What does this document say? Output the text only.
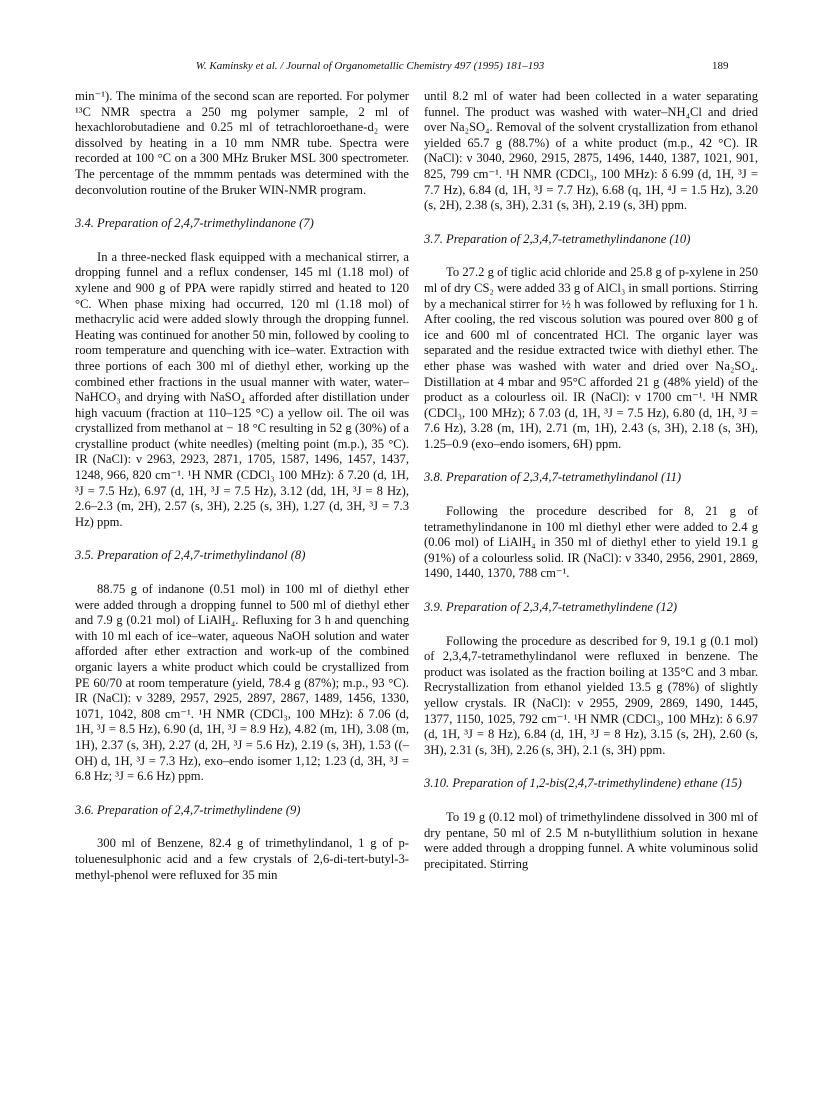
W. Kaminsky et al. / Journal of Organometallic Chemistry 497 (1995) 181–193	189

min⁻¹). The minima of the second scan are reported. For polymer ¹³C NMR spectra a 250 mg polymer sample, 2 ml of hexachlorobutadiene and 0.25 ml of tetrachloroethane-d₂ were dissolved by heating in a 10 mm NMR tube. Spectra were recorded at 100 °C on a 300 MHz Bruker MSL 300 spectrometer. The percentage of the mmmm pentads was determined with the deconvolution routine of the Bruker WIN-NMR program.

3.4. Preparation of 2,4,7-trimethylindanone (7)

In a three-necked flask equipped with a mechanical stirrer, a dropping funnel and a reflux condenser, 145 ml (1.18 mol) of xylene and 900 g of PPA were rapidly stirred and heated to 120 °C. When phase mixing had occurred, 120 ml (1.18 mol) of methacrylic acid were added slowly through the dropping funnel. Heating was continued for another 50 min, followed by cooling to room temperature and quenching with ice–water. Extraction with three portions of each 300 ml of diethyl ether, working up the combined ether fractions in the usual manner with water, water–NaHCO₃ and drying with NaSO₄ afforded after distillation under high vacuum (fraction at 110–125 °C) a yellow oil. The oil was crystallized from methanol at − 18 °C resulting in 52 g (30%) of a crystalline product (white needles) (melting point (m.p.), 35 °C). IR (NaCl): ν 2963, 2923, 2871, 1705, 1587, 1496, 1457, 1437, 1248, 966, 820 cm⁻¹. ¹H NMR (CDCl₃ 100 MHz): δ 7.20 (d, 1H, ³J = 7.5 Hz), 6.97 (d, 1H, ³J = 7.5 Hz), 3.12 (dd, 1H, ³J = 8 Hz), 2.6–2.3 (m, 2H), 2.57 (s, 3H), 2.25 (s, 3H), 1.27 (d, 3H, ³J = 7.3 Hz) ppm.

3.5. Preparation of 2,4,7-trimethylindanol (8)

88.75 g of indanone (0.51 mol) in 100 ml of diethyl ether were added through a dropping funnel to 500 ml of diethyl ether and 7.9 g (0.21 mol) of LiAlH₄. Refluxing for 3 h and quenching with 10 ml each of ice–water, aqueous NaOH solution and water afforded after ether extraction and work-up of the combined organic layers a white product which could be crystallized from PE 60/70 at room temperature (yield, 78.4 g (87%); m.p., 93 °C). IR (NaCl): ν 3289, 2957, 2925, 2897, 2867, 1489, 1456, 1330, 1071, 1042, 808 cm⁻¹. ¹H NMR (CDCl₃, 100 MHz): δ 7.06 (d, 1H, ³J = 8.5 Hz), 6.90 (d, 1H, ³J = 8.9 Hz), 4.82 (m, 1H), 3.08 (m, 1H), 2.37 (s, 3H), 2.27 (d, 2H, ³J = 5.6 Hz), 2.19 (s, 3H), 1.53 ((–OH) d, 1H, ³J = 7.3 Hz), exo–endo isomer 1,12; 1.23 (d, 3H, ³J = 6.8 Hz; ³J = 6.6 Hz) ppm.

3.6. Preparation of 2,4,7-trimethylindene (9)

300 ml of Benzene, 82.4 g of trimethylindanol, 1 g of p-toluenesulphonic acid and a few crystals of 2,6-di-tert-butyl-3-methyl-phenol were refluxed for 35 min

until 8.2 ml of water had been collected in a water separating funnel. The product was washed with water–NH₄Cl and dried over Na₂SO₄. Removal of the solvent crystallization from ethanol yielded 65.7 g (88.7%) of a white product (m.p., 42 °C). IR (NaCl): ν 3040, 2960, 2915, 2875, 1496, 1440, 1387, 1021, 901, 825, 799 cm⁻¹. ¹H NMR (CDCl₃, 100 MHz): δ 6.99 (d, 1H, ³J = 7.7 Hz), 6.84 (d, 1H, ³J = 7.7 Hz), 6.68 (q, 1H, ⁴J = 1.5 Hz), 3.20 (s, 2H), 2.38 (s, 3H), 2.31 (s, 3H), 2.19 (s, 3H) ppm.

3.7. Preparation of 2,3,4,7-tetramethylindanone (10)

To 27.2 g of tiglic acid chloride and 25.8 g of p-xylene in 250 ml of dry CS₂ were added 33 g of AlCl₃ in small portions. Stirring by a mechanical stirrer for ½ h was followed by refluxing for 1 h. After cooling, the red viscous solution was poured over 800 g of ice and 600 ml of concentrated HCl. The organic layer was separated and the residue extracted twice with diethyl ether. The ether phase was washed with water and dried over Na₂SO₄. Distillation at 4 mbar and 95°C afforded 21 g (48% yield) of the product as a colourless oil. IR (NaCl): ν 1700 cm⁻¹. ¹H NMR (CDCl₃, 100 MHz); δ 7.03 (d, 1H, ³J = 7.5 Hz), 6.80 (d, 1H, ³J = 7.6 Hz), 3.28 (m, 1H), 2.71 (m, 1H), 2.43 (s, 3H), 2.18 (s, 3H), 1.25–0.9 (exo–endo isomers, 6H) ppm.

3.8. Preparation of 2,3,4,7-tetramethylindanol (11)

Following the procedure described for 8, 21 g of tetramethylindanone in 100 ml diethyl ether were added to 2.4 g (0.06 mol) of LiAlH₄ in 350 ml of diethyl ether to yield 19.1 g (91%) of a colourless solid. IR (NaCl): ν 3340, 2956, 2901, 2869, 1490, 1440, 1370, 788 cm⁻¹.

3.9. Preparation of 2,3,4,7-tetramethylindene (12)

Following the procedure as described for 9, 19.1 g (0.1 mol) of 2,3,4,7-tetramethylindanol were refluxed in benzene. The product was isolated as the fraction boiling at 135°C and 3 mbar. Recrystallization from ethanol yielded 13.5 g (78%) of slightly yellow crystals. IR (NaCl): ν 2955, 2909, 2869, 1490, 1445, 1377, 1150, 1025, 792 cm⁻¹. ¹H NMR (CDCl₃, 100 MHz): δ 6.97 (d, 1H, ³J = 8 Hz), 6.84 (d, 1H, ³J = 8 Hz), 3.15 (s, 2H), 2.60 (s, 3H), 2.31 (s, 3H), 2.26 (s, 3H), 2.1 (s, 3H) ppm.

3.10. Preparation of 1,2-bis(2,4,7-trimethylindene) ethane (15)

To 19 g (0.12 mol) of trimethylindene dissolved in 300 ml of dry pentane, 50 ml of 2.5 M n-butyllithium solution in hexane were added through a dropping funnel. A white voluminous solid precipitated. Stirring
